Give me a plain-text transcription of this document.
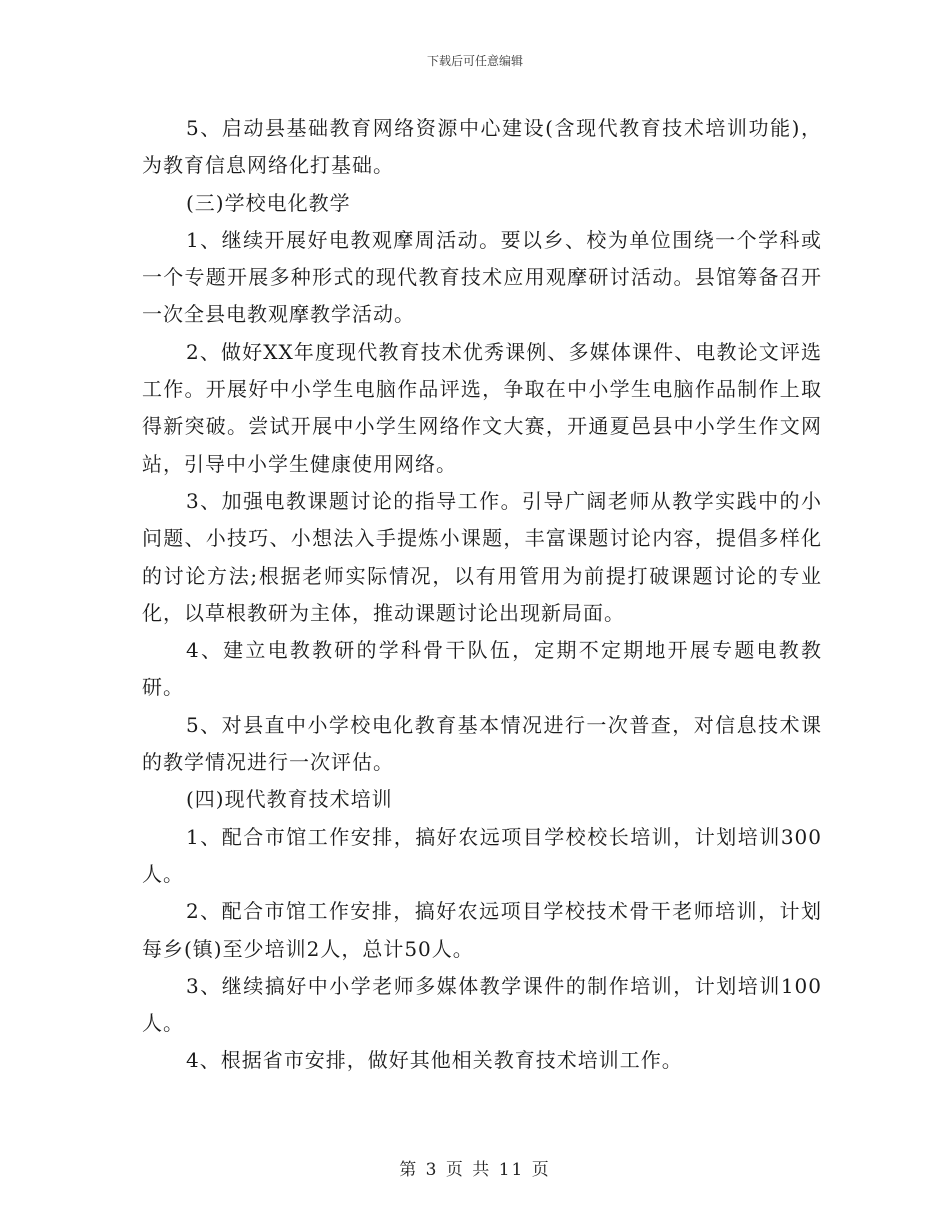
下载后可任意编辑

5、启动县基础教育网络资源中心建设(含现代教育技术培训功能)，为教育信息网络化打基础。

(三)学校电化教学

1、继续开展好电教观摩周活动。要以乡、校为单位围绕一个学科或一个专题开展多种形式的现代教育技术应用观摩研讨活动。县馆筹备召开一次全县电教观摩教学活动。

2、做好XX年度现代教育技术优秀课例、多媒体课件、电教论文评选工作。开展好中小学生电脑作品评选，争取在中小学生电脑作品制作上取得新突破。尝试开展中小学生网络作文大赛，开通夏邑县中小学生作文网站，引导中小学生健康使用网络。

3、加强电教课题讨论的指导工作。引导广阔老师从教学实践中的小问题、小技巧、小想法入手提炼小课题，丰富课题讨论内容，提倡多样化的讨论方法;根据老师实际情况，以有用管用为前提打破课题讨论的专业化，以草根教研为主体，推动课题讨论出现新局面。

4、建立电教教研的学科骨干队伍，定期不定期地开展专题电教教研。

5、对县直中小学校电化教育基本情况进行一次普查，对信息技术课的教学情况进行一次评估。

(四)现代教育技术培训

1、配合市馆工作安排，搞好农远项目学校校长培训，计划培训300人。

2、配合市馆工作安排，搞好农远项目学校技术骨干老师培训，计划每乡(镇)至少培训2人，总计50人。

3、继续搞好中小学老师多媒体教学课件的制作培训，计划培训100人。

4、根据省市安排，做好其他相关教育技术培训工作。

第 3 页 共 11 页
